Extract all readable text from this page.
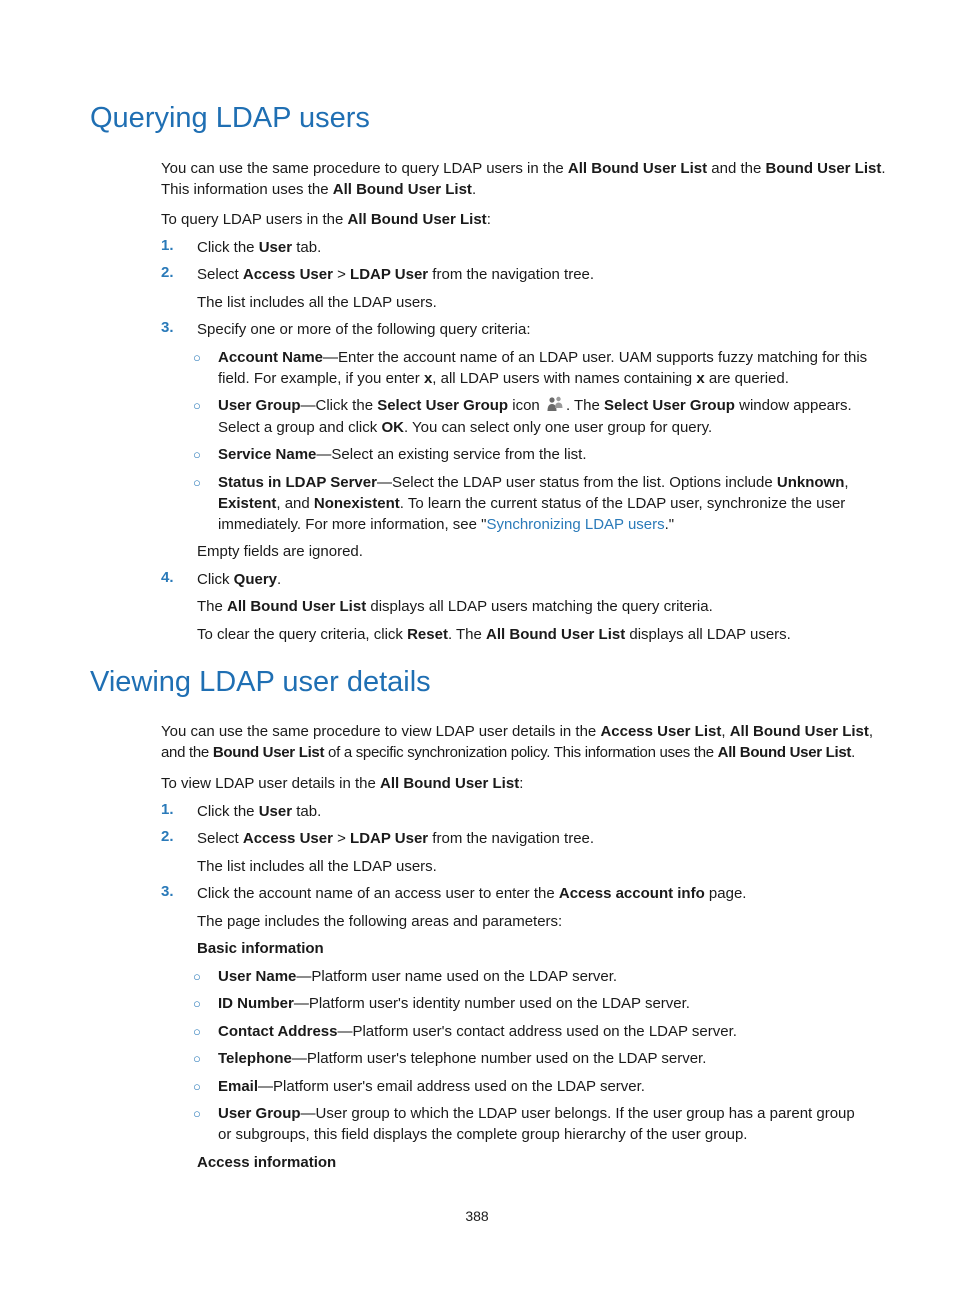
Querying LDAP users

You can use the same procedure to query LDAP users in the All Bound User List and the Bound User List.

This information uses the All Bound User List.

To query LDAP users in the All Bound User List:

1. Click the User tab.

2. Select Access User > LDAP User from the navigation tree.

The list includes all the LDAP users.

3. Specify one or more of the following query criteria:

○ Account Name—Enter the account name of an LDAP user. UAM supports fuzzy matching for this

field. For example, if you enter x, all LDAP users with names containing x are queried.

○ User Group—Click the Select User Group icon . The Select User Group window appears.

Select a group and click OK. You can select only one user group for query.

○ Service Name—Select an existing service from the list.

○ Status in LDAP Server—Select the LDAP user status from the list. Options include Unknown,

Existent, and Nonexistent. To learn the current status of the LDAP user, synchronize the user

immediately. For more information, see "Synchronizing LDAP users."

Empty fields are ignored.

4. Click Query.

The All Bound User List displays all LDAP users matching the query criteria.

To clear the query criteria, click Reset. The All Bound User List displays all LDAP users.

Viewing LDAP user details

You can use the same procedure to view LDAP user details in the Access User List, All Bound User List,

and the Bound User List of a specific synchronization policy. This information uses the All Bound User List.

To view LDAP user details in the All Bound User List:

1. Click the User tab.

2. Select Access User > LDAP User from the navigation tree.

The list includes all the LDAP users.

3. Click the account name of an access user to enter the Access account info page.

The page includes the following areas and parameters:

Basic information

○ User Name—Platform user name used on the LDAP server.

○ ID Number—Platform user's identity number used on the LDAP server.

○ Contact Address—Platform user's contact address used on the LDAP server.

○ Telephone—Platform user's telephone number used on the LDAP server.

○ Email—Platform user's email address used on the LDAP server.

○ User Group—User group to which the LDAP user belongs. If the user group has a parent group

or subgroups, this field displays the complete group hierarchy of the user group.

Access information

388
